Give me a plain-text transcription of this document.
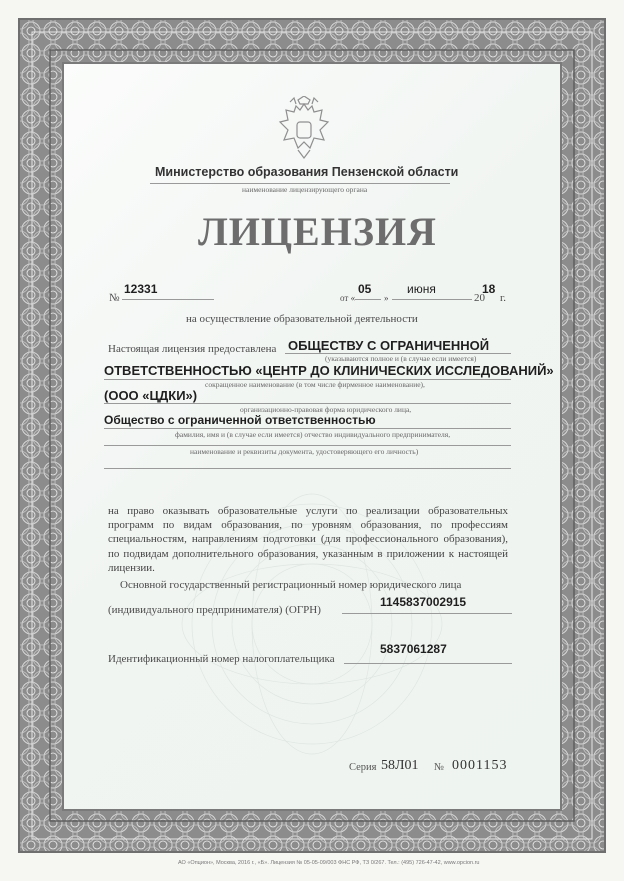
Министерство образования Пензенской области
наименование лицензирующего органа
ЛИЦЕНЗИЯ
12331
№	от «
05
»
июня
20
18
г.
на осуществление образовательной деятельности
Настоящая лицензия предоставлена ОБЩЕСТВУ С ОГРАНИЧЕННОЙ
(указываются полное и (в случае если имеется)
ОТВЕТСТВЕННОСТЬЮ «ЦЕНТР ДО КЛИНИЧЕСКИХ ИССЛЕДОВАНИЙ»
сокращенное наименование (в том числе фирменное наименование),
(ООО «ЦДКИ»)
организационно-правовая форма юридического лица,
Общество с ограниченной ответственностью
фамилия, имя и (в случае если имеется) отчество индивидуального предпринимателя,
наименование и реквизиты документа, удостоверяющего его личность)
на право оказывать образовательные услуги по реализации образовательных программ по видам образования, по уровням образования, по профессиям специальностям, направлениям подготовки (для профессионального образования), по подвидам дополнительного образования, указанным в приложении к настоящей лицензии.
Основной государственный регистрационный номер юридического лица
(индивидуального предпринимателя) (ОГРН)
1145837002915
Идентификационный номер налогоплательщика
5837061287
Серия 58Л01 № 0001153
АО «Опцион», Москва, 2016 г., «Б». Лицензия № 05-05-09/003 ФНС РФ, ТЗ 0/267. Тел.: (495) 726-47-42, www.opcion.ru
